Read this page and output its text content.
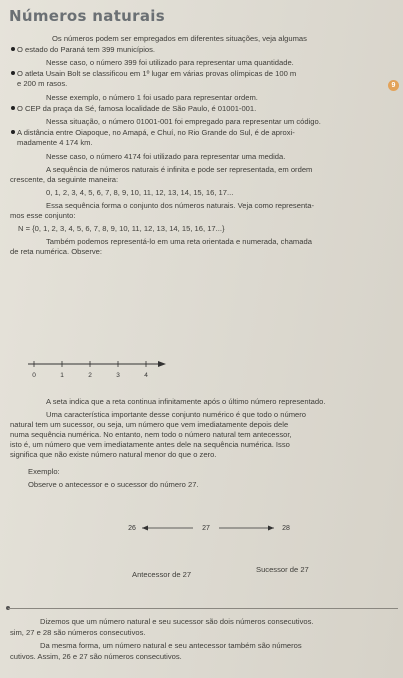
Números naturais
Os números podem ser empregados em diferentes situações, veja algumas
O estado do Paraná tem 399 municípios.
Nesse caso, o número 399 foi utilizado para representar uma quantidade.
O atleta Usain Bolt se classificou em 1º lugar em várias provas olímpicas de 100 m
e 200 m rasos.	9
Nesse exemplo, o número 1 foi usado para representar ordem.
O CEP da praça da Sé, famosa localidade de São Paulo, é 01001-001.
Nessa situação, o número 01001-001 foi empregado para representar um código.
A distância entre Oiapoque, no Amapá, e Chuí, no Rio Grande do Sul, é de aproxi-
madamente 4 174 km.
Nesse caso, o número 4174 foi utilizado para representar uma medida.
A sequência de números naturais é infinita e pode ser representada, em ordem
crescente, da seguinte maneira:
0, 1, 2, 3, 4, 5, 6, 7, 8, 9, 10, 11, 12, 13, 14, 15, 16, 17...
Essa sequência forma o conjunto dos números naturais. Veja como representa-
mos esse conjunto:
N = {0, 1, 2, 3, 4, 5, 6, 7, 8, 9, 10, 11, 12, 13, 14, 15, 16, 17...}
Também podemos representá-lo em uma reta orientada e numerada, chamada
de reta numérica. Observe:
0	1	2	3	4
A seta indica que a reta continua infinitamente após o último número representado.
Uma característica importante desse conjunto numérico é que todo o número
natural tem um sucessor, ou seja, um número que vem imediatamente depois dele
numa sequência numérica. No entanto, nem todo o número natural tem antecessor,
isto é, um número que vem imediatamente antes dele na sequência numérica. Isso
significa que não existe número natural menor do que o zero.
Exemplo:
Observe o antecessor e o sucessor do número 27.
26	27	28
Antecessor de 27
Sucessor de 27
Dizemos que um número natural e seu sucessor são dois números consecutivos.
sim, 27 e 28 são números consecutivos.
Da mesma forma, um número natural e seu antecessor também são números
cutivos. Assim, 26 e 27 são números consecutivos.
